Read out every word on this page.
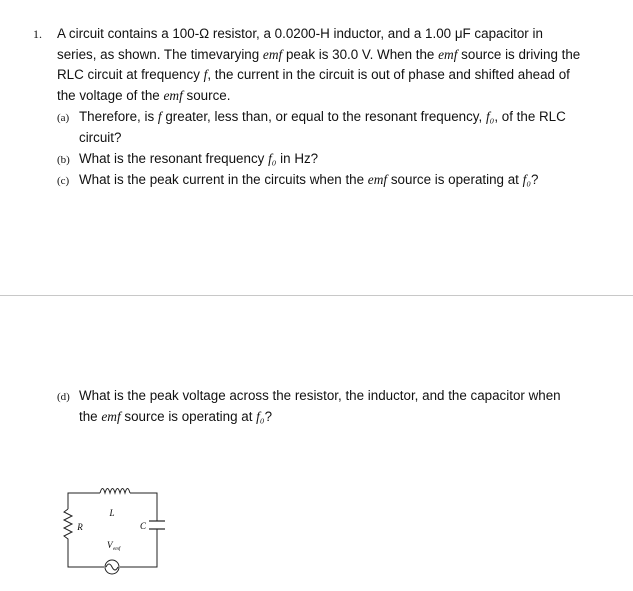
1. A circuit contains a 100-Ω resistor, a 0.0200-H inductor, and a 1.00 μF capacitor in
series, as shown. The timevarying emf peak is 30.0 V. When the emf source is driving the
RLC circuit at frequency f, the current in the circuit is out of phase and shifted ahead of
the voltage of the emf source.
(a) Therefore, is f greater, less than, or equal to the resonant frequency, f₀, of the RLC
circuit?
(b) What is the resonant frequency f₀ in Hz?
(c) What is the peak current in the circuits when the emf source is operating at f₀?
(d) What is the peak voltage across the resistor, the inductor, and the capacitor when
the emf source is operating at f₀?
L
R	C
V emf
